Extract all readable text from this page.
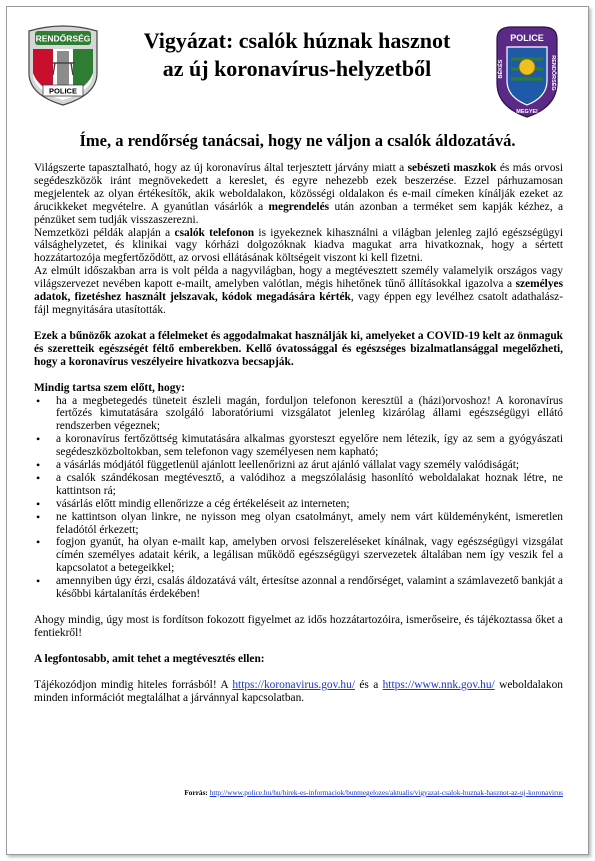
RENDŐRSÉG
POLICE
Vigyázat: csalók húznak hasznot
az új koronavírus-helyzetből
POLICE
BÉKÉS	RENDŐRSÉG
MEGYEI
Íme, a rendőrség tanácsai, hogy ne váljon a csalók áldozatává.

Világszerte tapasztalható, hogy az új koronavírus által terjesztett járvány miatt a sebészeti maszkok és más orvosi segédeszközök iránt megnövekedett a kereslet, és egyre nehezebb ezek beszerzése. Ezzel párhuzamosan megjelentek az olyan értékesítők, akik weboldalakon, közösségi oldalakon és e-mail címeken kínálják ezeket az árucikkeket megvételre. A gyanútlan vásárlók a megrendelés után azonban a terméket sem kapják kézhez, a pénzüket sem tudják visszaszerezni.

Nemzetközi példák alapján a csalók telefonon is igyekeznek kihasználni a világban jelenleg zajló egészségügyi válsághelyzetet, és klinikai vagy kórházi dolgozóknak kiadva magukat arra hivatkoznak, hogy a sértett hozzátartozója megfertőződött, az orvosi ellátásának költségeit viszont ki kell fizetni.

Az elmúlt időszakban arra is volt példa a nagyvilágban, hogy a megtévesztett személy valamelyik országos vagy világszervezet nevében kapott e-mailt, amelyben valótlan, mégis hihetőnek tűnő állításokkal igazolva a személyes adatok, fizetéshez használt jelszavak, kódok megadására kérték, vagy éppen egy levélhez csatolt adathalász-fájl megnyitására utasították.

Ezek a bűnözők azokat a félelmeket és aggodalmakat használják ki, amelyeket a COVID-19 kelt az önmaguk és szeretteik egészségét féltő emberekben. Kellő óvatossággal és egészséges bizalmatlansággal megelőzheti, hogy a koronavírus veszélyeire hivatkozva becsapják.

Mindig tartsa szem előtt, hogy:

• ha a megbetegedés tüneteit észleli magán, forduljon telefonon keresztül a (házi)orvoshoz! A koronavírus fertőzés kimutatására szolgáló laboratóriumi vizsgálatot jelenleg kizárólag állami egészségügyi ellátó rendszerben végeznek;
• a koronavírus fertőzöttség kimutatására alkalmas gyorsteszt egyelőre nem létezik, így az sem a gyógyászati segédeszközboltokban, sem telefonon vagy személyesen nem kapható;
• a vásárlás módjától függetlenül ajánlott leellenőrizni az árut ajánló vállalat vagy személy valódiságát;
• a csalók szándékosan megtévesztő, a valódihoz a megszólalásig hasonlító weboldalakat hoznak létre, ne kattintson rá;
• vásárlás előtt mindig ellenőrizze a cég értékeléseit az interneten;
• ne kattintson olyan linkre, ne nyisson meg olyan csatolmányt, amely nem várt küldeményként, ismeretlen feladótól érkezett;
• fogjon gyanút, ha olyan e-mailt kap, amelyben orvosi felszereléseket kínálnak, vagy egészségügyi vizsgálat címén személyes adatait kérik, a legálisan működő egészségügyi szervezetek általában nem így veszik fel a kapcsolatot a betegeikkel;
• amennyiben úgy érzi, csalás áldozatává vált, értesítse azonnal a rendőrséget, valamint a számlavezető bankját a későbbi kártalanítás érdekében!

Ahogy mindig, úgy most is fordítson fokozott figyelmet az idős hozzátartozóira, ismerőseire, és tájékoztassa őket a fentiekről!

A legfontosabb, amit tehet a megtévesztés ellen:

Tájékozódjon mindig hiteles forrásból! A https://koronavirus.gov.hu/ és a https://www.nnk.gov.hu/ weboldalakon minden információt megtalálhat a járvánnyal kapcsolatban.

Forrás: http://www.police.hu/hu/hirek-es-informaciok/bunmegelozes/aktualis/vigyazat-csalok-huznak-hasznot-az-uj-koronavirus
